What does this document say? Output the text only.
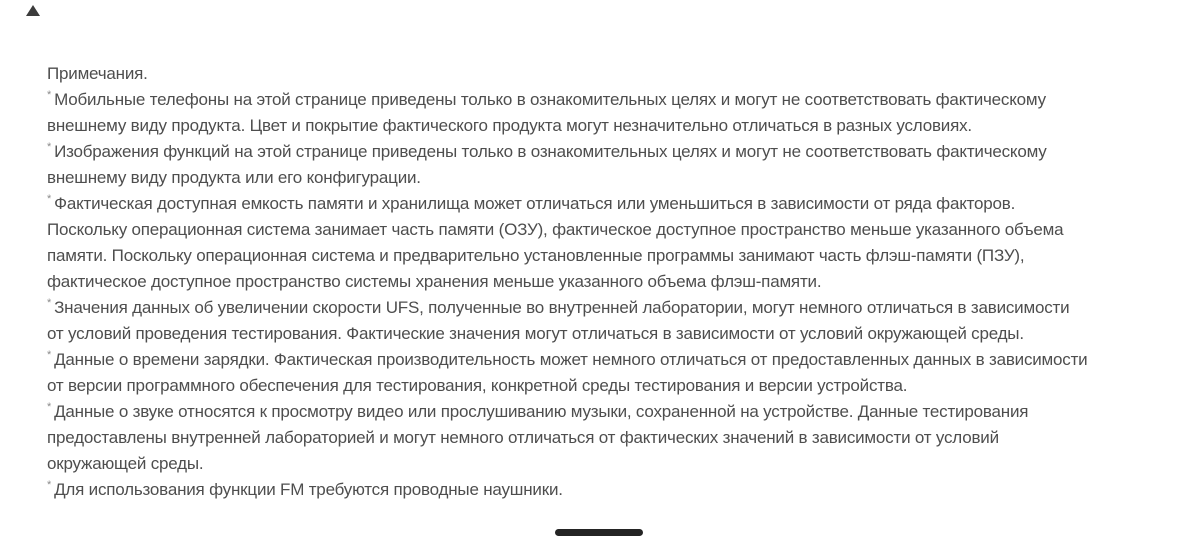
Примечания.

* Мобильные телефоны на этой странице приведены только в ознакомительных целях и могут не соответствовать фактическому внешнему виду продукта. Цвет и покрытие фактического продукта могут незначительно отличаться в разных условиях.

* Изображения функций на этой странице приведены только в ознакомительных целях и могут не соответствовать фактическому внешнему виду продукта или его конфигурации.

* Фактическая доступная емкость памяти и хранилища может отличаться или уменьшиться в зависимости от ряда факторов. Поскольку операционная система занимает часть памяти (ОЗУ), фактическое доступное пространство меньше указанного объема памяти. Поскольку операционная система и предварительно установленные программы занимают часть флэш-памяти (ПЗУ), фактическое доступное пространство системы хранения меньше указанного объема флэш-памяти.

* Значения данных об увеличении скорости UFS, полученные во внутренней лаборатории, могут немного отличаться в зависимости от условий проведения тестирования. Фактические значения могут отличаться в зависимости от условий окружающей среды.

* Данные о времени зарядки. Фактическая производительность может немного отличаться от предоставленных данных в зависимости от версии программного обеспечения для тестирования, конкретной среды тестирования и версии устройства.

* Данные о звуке относятся к просмотру видео или прослушиванию музыки, сохраненной на устройстве. Данные тестирования предоставлены внутренней лабораторией и могут немного отличаться от фактических значений в зависимости от условий окружающей среды.

* Для использования функции FM требуются проводные наушники.
